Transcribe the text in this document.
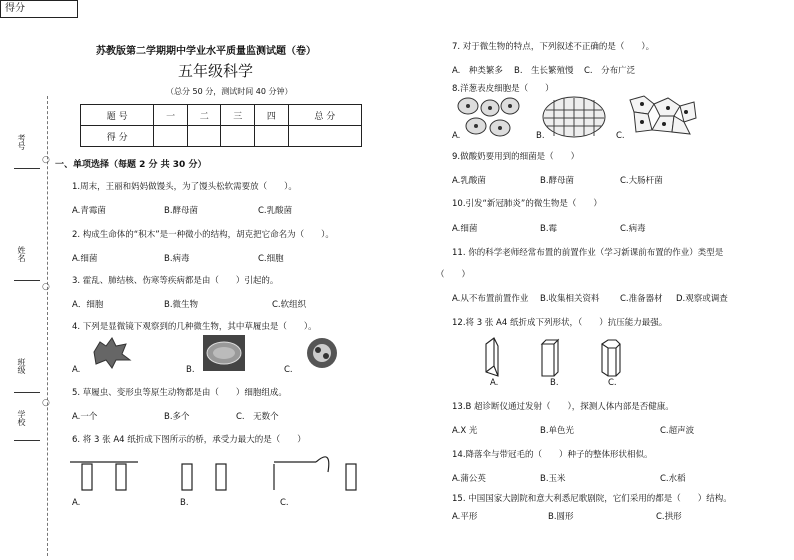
得分
考号
姓名
班级
学校
○
○
○
苏教版第二学期期中学业水平质量监测试题（卷）
五年级科学
（总分 50 分，测试时间 40 分钟）
题 号	一	二	三	四	总 分
得 分					
一、单项选择（每题 2 分 共 30 分）
1.周末，王丽和妈妈做馒头，为了馒头松软需要放（　　）。
A.青霉菌	B.酵母菌	C.乳酸菌
2. 构成生命体的“积木”是一种微小的结构，胡克把它命名为（　　）。
A.细菌	B.病毒	C.细胞
3. 霍乱、肺结核、伤寒等疾病都是由（　　）引起的。
A．细胞	B.微生物	C.软组织
4. 下列是显微镜下观察到的几种微生物，其中草履虫是（　　）。
A.	B.	C.
5. 草履虫、变形虫等原生动物都是由（　　）细胞组成。
A.一个	B.多个	C.　无数个
6. 将 3 张 A4 纸折成下图所示的桥，承受力最大的是（　　）
A.	B.	C.
7. 对于微生物的特点，下列叙述不正确的是（　　）。
A.　种类繁多 B.　生长繁殖慢 C.　分布广泛
8.洋葱表皮细胞是（　　）
A.	B.	C.
9.做酸奶要用到的细菌是（　　）
A.乳酸菌	B.酵母菌	C.大肠杆菌
10.引发“新冠肺炎”的微生物是（　　）
A.细菌	B.霉	C.病毒
11. 你的科学老师经常布置的前置作业（学习新课前布置的作业）类型是
（　　）
A.从不布置前置作业 B.收集相关资料 C.准备器材 D.观察或调查
12.将 3 张 A4 纸折成下列形状，（　　）抗压能力最强。
A.	B.	C.
13.B 超诊断仪通过发射（　　），探测人体内部是否健康。
A.X 光	B.单色光	C.超声波
14.降落伞与带冠毛的（　　）种子的整体形状相似。
A.蒲公英	B.玉米	C.水稻
15. 中国国家大剧院和意大利悉尼歌剧院，它们采用的都是（　　）结构。
A.平形	B.圆形	C.拱形
